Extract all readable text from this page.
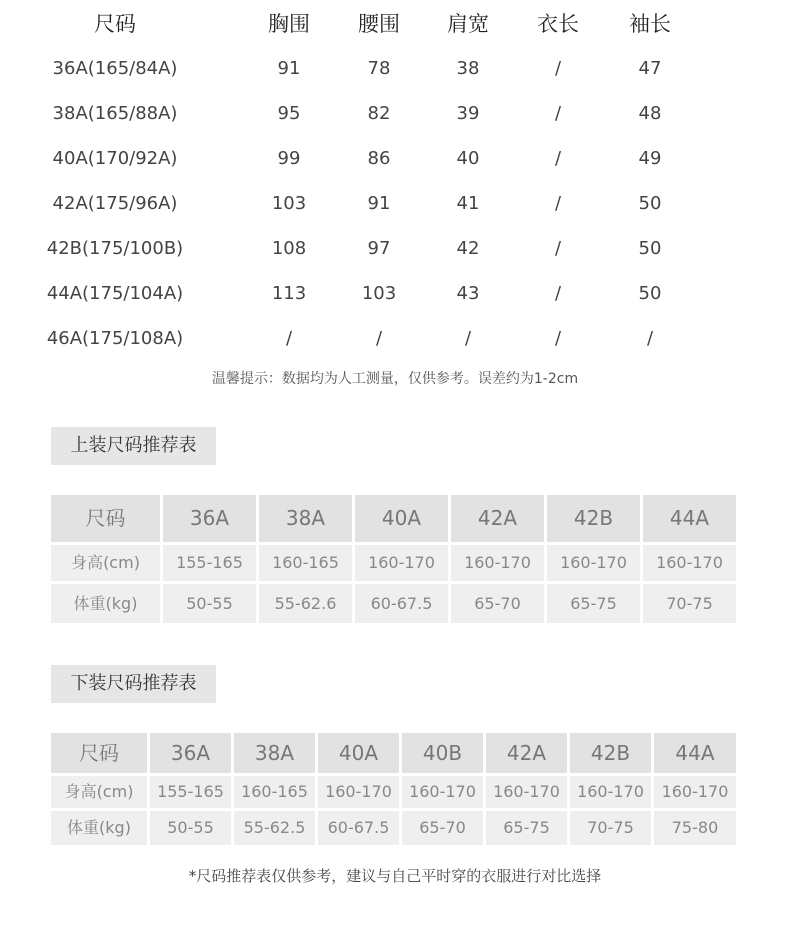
尺码	胸围	腰围	肩宽	衣长	袖长
36A(165/84A)	91	78	38	/	47
38A(165/88A)	95	82	39	/	48
40A(170/92A)	99	86	40	/	49
42A(175/96A)	103	91	41	/	50
42B(175/100B)	108	97	42	/	50
44A(175/104A)	113	103	43	/	50
46A(175/108A)	/	/	/	/	/
温馨提示：数据均为人工测量，仅供参考。误差约为1-2cm
上装尺码推荐表
尺码	36A	38A	40A	42A	42B	44A
身高(cm)	155-165	160-165	160-170	160-170	160-170	160-170
体重(kg)	50-55	55-62.6	60-67.5	65-70	65-75	70-75
下装尺码推荐表
尺码	36A	38A	40A	40B	42A	42B	44A
身高(cm)	155-165	160-165	160-170	160-170	160-170	160-170	160-170
体重(kg)	50-55	55-62.5	60-67.5	65-70	65-75	70-75	75-80
*尺码推荐表仅供参考，建议与自己平时穿的衣服进行对比选择
